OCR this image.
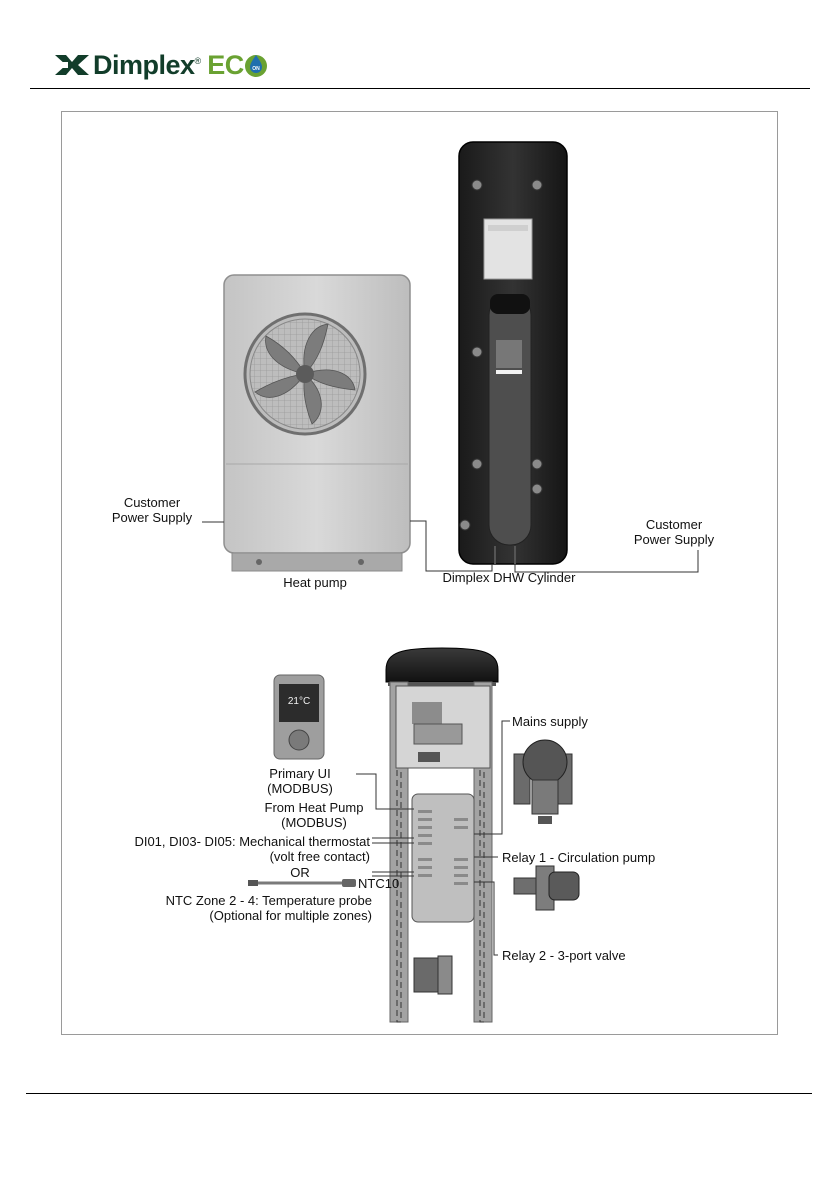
Dimplex ® EC ON
21°C
Customer
Power Supply
Heat pump	Dimplex DHW Cylinder
Customer
Power Supply
Primary UI
(MODBUS)
From Heat Pump
(MODBUS)
DI01, DI03- DI05: Mechanical thermostat
(volt free contact)
OR
NTC10
NTC Zone 2 - 4: Temperature probe
(Optional for multiple zones)
Mains supply
Relay 1 - Circulation pump
Relay 2 - 3-port valve
